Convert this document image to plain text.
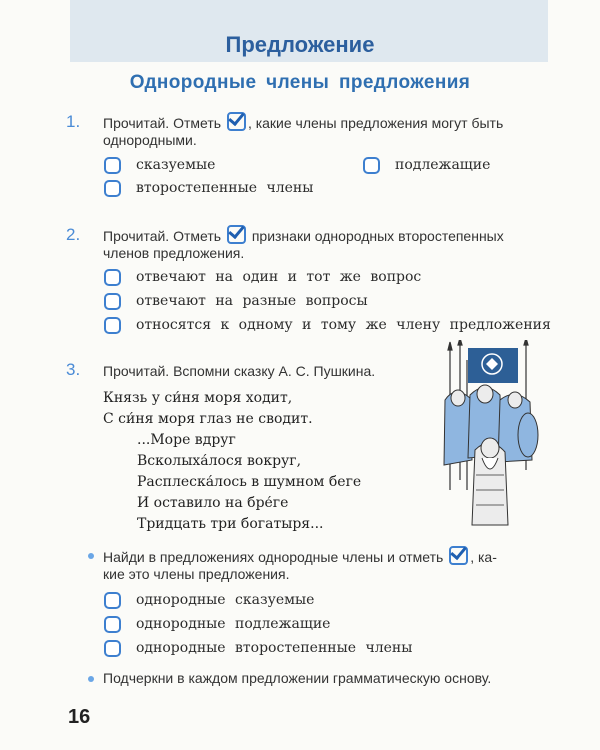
Предложение
Однородные члены предложения
1. Прочитай. Отметь , какие члены предложения могут быть
однородными.
сказуемые	подлежащие
второстепенные члены
2. Прочитай. Отметь признаки однородных второстепенных
членов предложения.
отвечают на один и тот же вопрос
отвечают на разные вопросы
относятся к одному и тому же члену предложения
3. Прочитай. Вспомни сказку А. С. Пушкина.
Князь у си́ня моря ходит,
С си́ня моря глаз не сводит.
...Море вдруг
Всколыха́лося вокруг,
Расплеска́лось в шумном беге
И оставило на бре́ге
Тридцать три богатыря...
Найди в предложениях однородные члены и отметь , ка-
кие это члены предложения.
однородные сказуемые
однородные подлежащие
однородные второстепенные члены
Подчеркни в каждом предложении грамматическую основу.
16
